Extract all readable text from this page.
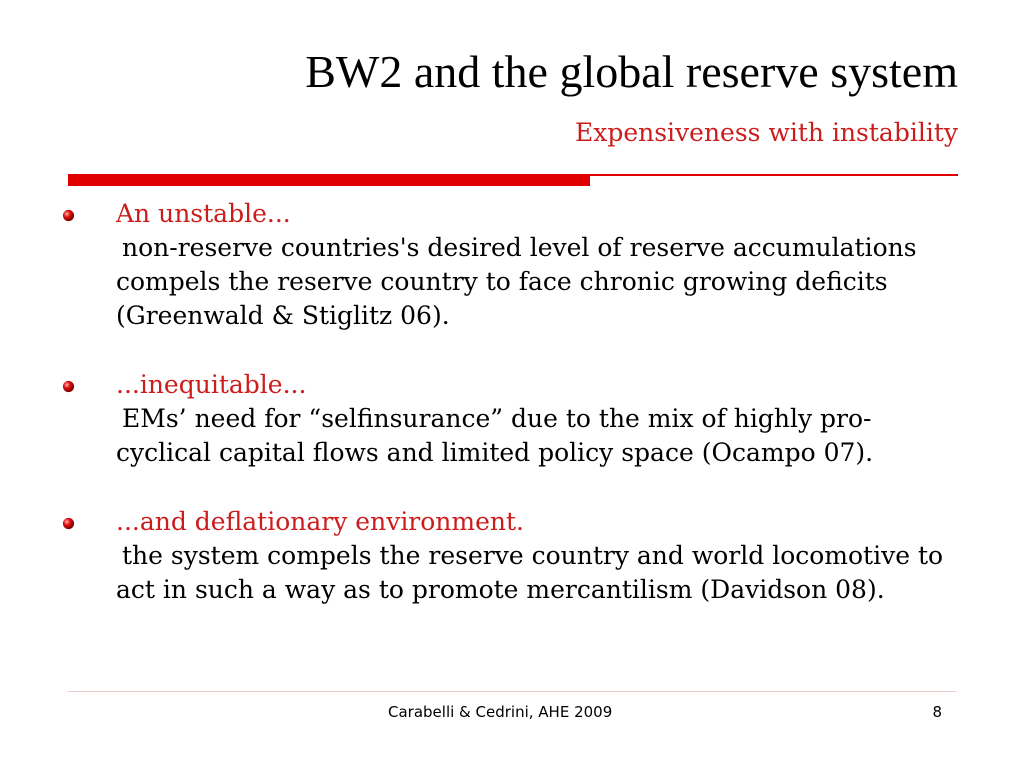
BW2 and the global reserve system
Expensiveness with instability
An unstable...
non-reserve countries's desired level of reserve accumulations compels the reserve country to face chronic growing deficits (Greenwald & Stiglitz 06).
...inequitable...
EMs’ need for “selfinsurance” due to the mix of highly pro-cyclical capital flows and limited policy space (Ocampo 07).
...and deflationary environment.
the system compels the reserve country and world locomotive to act in such a way as to promote mercantilism (Davidson 08).
Carabelli & Cedrini, AHE 2009	8
